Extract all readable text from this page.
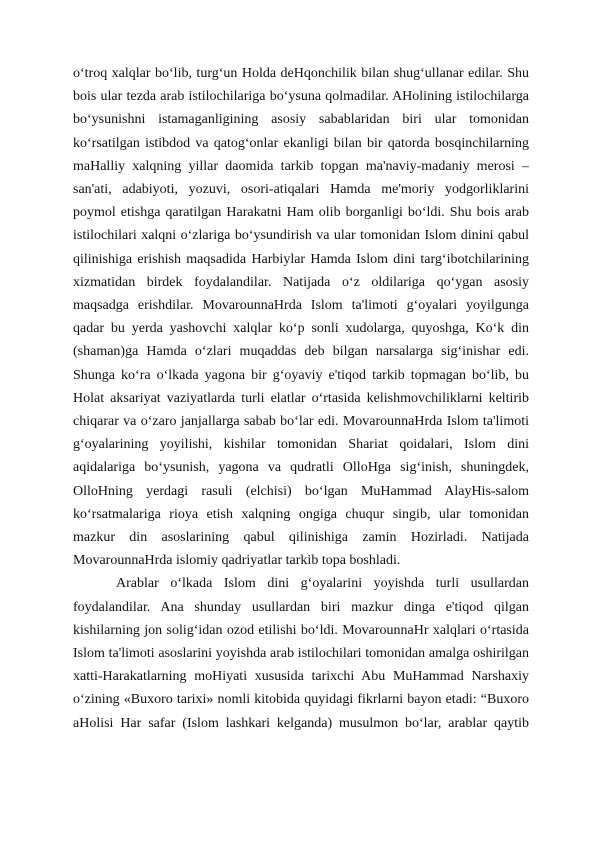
o‘troq xalqlar bo‘lib, turg‘un Holda deHqonchilik bilan shug‘ullanar edilar. Shu
bois ular tezda arab istilochilariga bo‘ysuna qolmadilar. AHolining istilochilarga
bo‘ysunishni istamaganligining asosiy sabablaridan biri ular tomonidan
ko‘rsatilgan istibdod va qatog‘onlar ekanligi bilan bir qatorda bosqinchilarning
maHalliy xalqning yillar daomida tarkib topgan ma'naviy-madaniy merosi –
san'ati, adabiyoti, yozuvi, osori-atiqalari Hamda me'moriy yodgorliklarini
poymol etishga qaratilgan Harakatni Ham olib borganligi bo‘ldi. Shu bois arab
istilochilari xalqni o‘zlariga bo‘ysundirish va ular tomonidan Islom dinini qabul
qilinishiga erishish maqsadida Harbiylar Hamda Islom dini targ‘ibotchilarining
xizmatidan birdek foydalandilar. Natijada o‘z oldilariga qo‘ygan asosiy
maqsadga erishdilar. MovarounnaHrda Islom ta'limoti g‘oyalari yoyilgunga
qadar bu yerda yashovchi xalqlar ko‘p sonli xudolarga, quyoshga, Ko‘k din
(shaman)ga Hamda o‘zlari muqaddas deb bilgan narsalarga sig‘inishar edi.
Shunga ko‘ra o‘lkada yagona bir g‘oyaviy e'tiqod tarkib topmagan bo‘lib, bu
Holat aksariyat vaziyatlarda turli elatlar o‘rtasida kelishmovchiliklarni keltirib
chiqarar va o‘zaro janjallarga sabab bo‘lar edi. MovarounnaHrda Islom ta'limoti
g‘oyalarining yoyilishi, kishilar tomonidan Shariat qoidalari, Islom dini
aqidalariga bo‘ysunish, yagona va qudratli OlloHga sig‘inish, shuningdek,
OlloHning yerdagi rasuli (elchisi) bo‘lgan MuHammad AlayHis-salom
ko‘rsatmalariga rioya etish xalqning ongiga chuqur singib, ular tomonidan
mazkur din asoslarining qabul qilinishiga zamin Hozirladi. Natijada
MovarounnaHrda islomiy qadriyatlar tarkib topa boshladi.
Arablar o‘lkada Islom dini g‘oyalarini yoyishda turli usullardan
foydalandilar. Ana shunday usullardan biri mazkur dinga e'tiqod qilgan
kishilarning jon solig‘idan ozod etilishi bo‘ldi. MovarounnaHr xalqlari o‘rtasida
Islom ta'limoti asoslarini yoyishda arab istilochilari tomonidan amalga oshirilgan
xatti-Harakatlarning moHiyati xususida tarixchi Abu MuHammad Narshaxiy
o‘zining «Buxoro tarixi» nomli kitobida quyidagi fikrlarni bayon etadi: “Buxoro
aHolisi Har safar (Islom lashkari kelganda) musulmon bo‘lar, arablar qaytib
